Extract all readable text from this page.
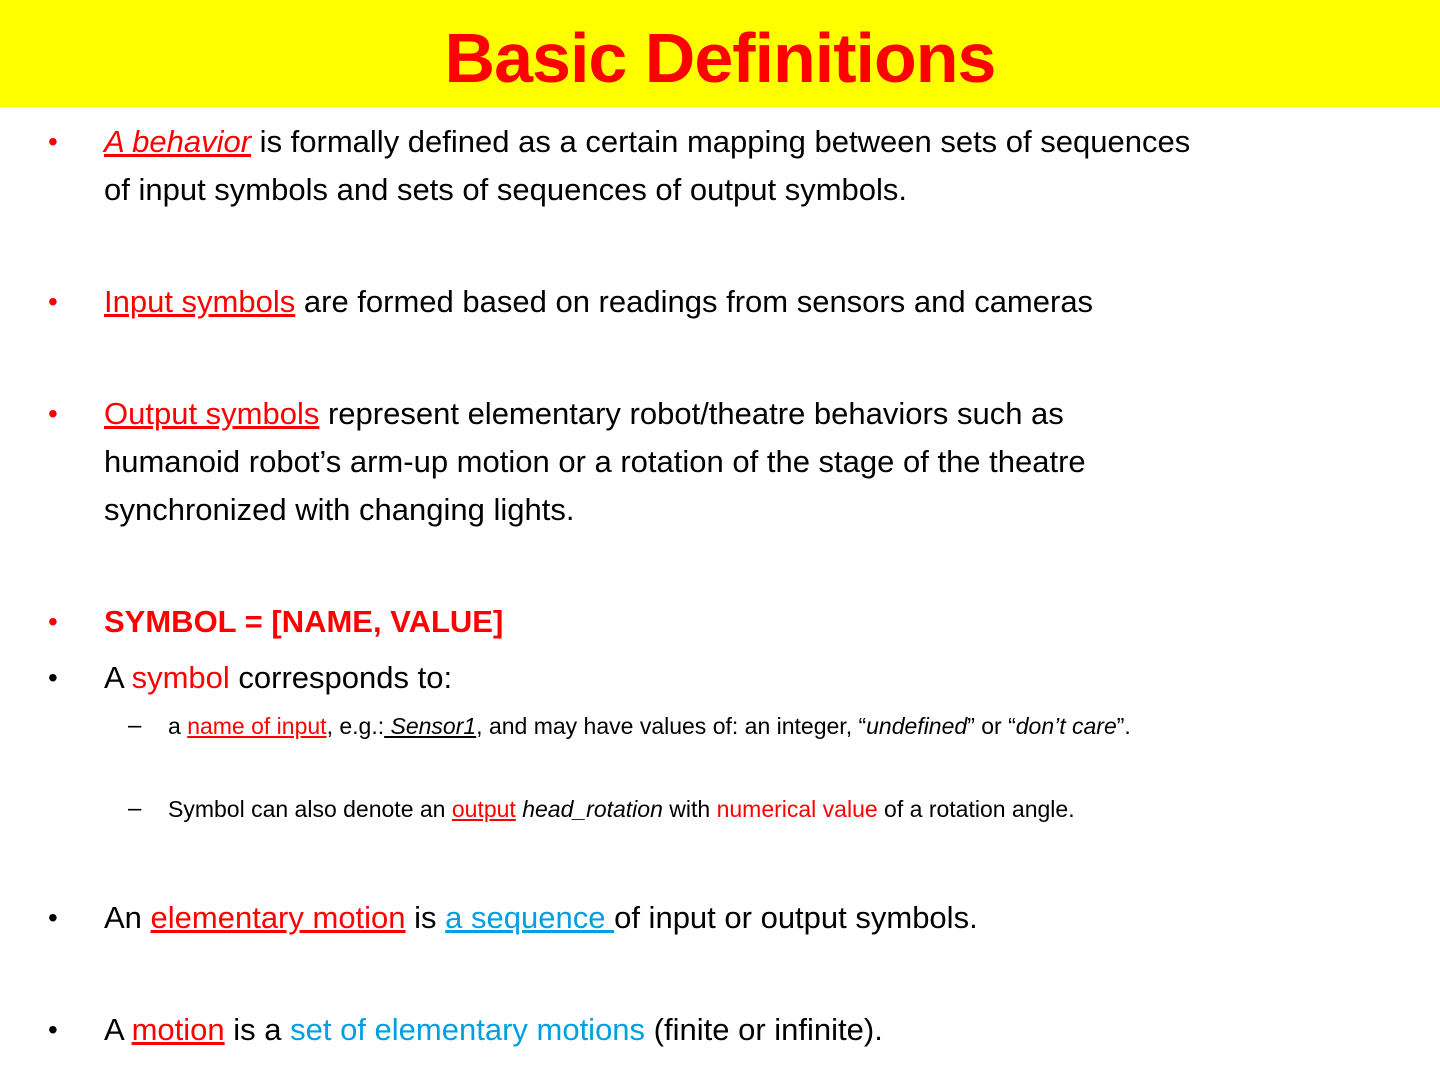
Basic Definitions
• A behavior is formally defined as a certain mapping between sets of sequences
of input symbols and sets of sequences of output symbols.
• Input symbols are formed based on readings from sensors and cameras
• Output symbols represent elementary robot/theatre behaviors such as
humanoid robot’s arm-up motion or a rotation of the stage of the theatre
synchronized with changing lights.
• SYMBOL = [NAME, VALUE]
• A symbol corresponds to:
– a name of input, e.g.: Sensor1, and may have values of: an integer, “undefined” or “don’t care”.
– Symbol can also denote an output head_rotation with numerical value of a rotation angle.
• An elementary motion is a sequence of input or output symbols.
• A motion is a set of elementary motions (finite or infinite).
